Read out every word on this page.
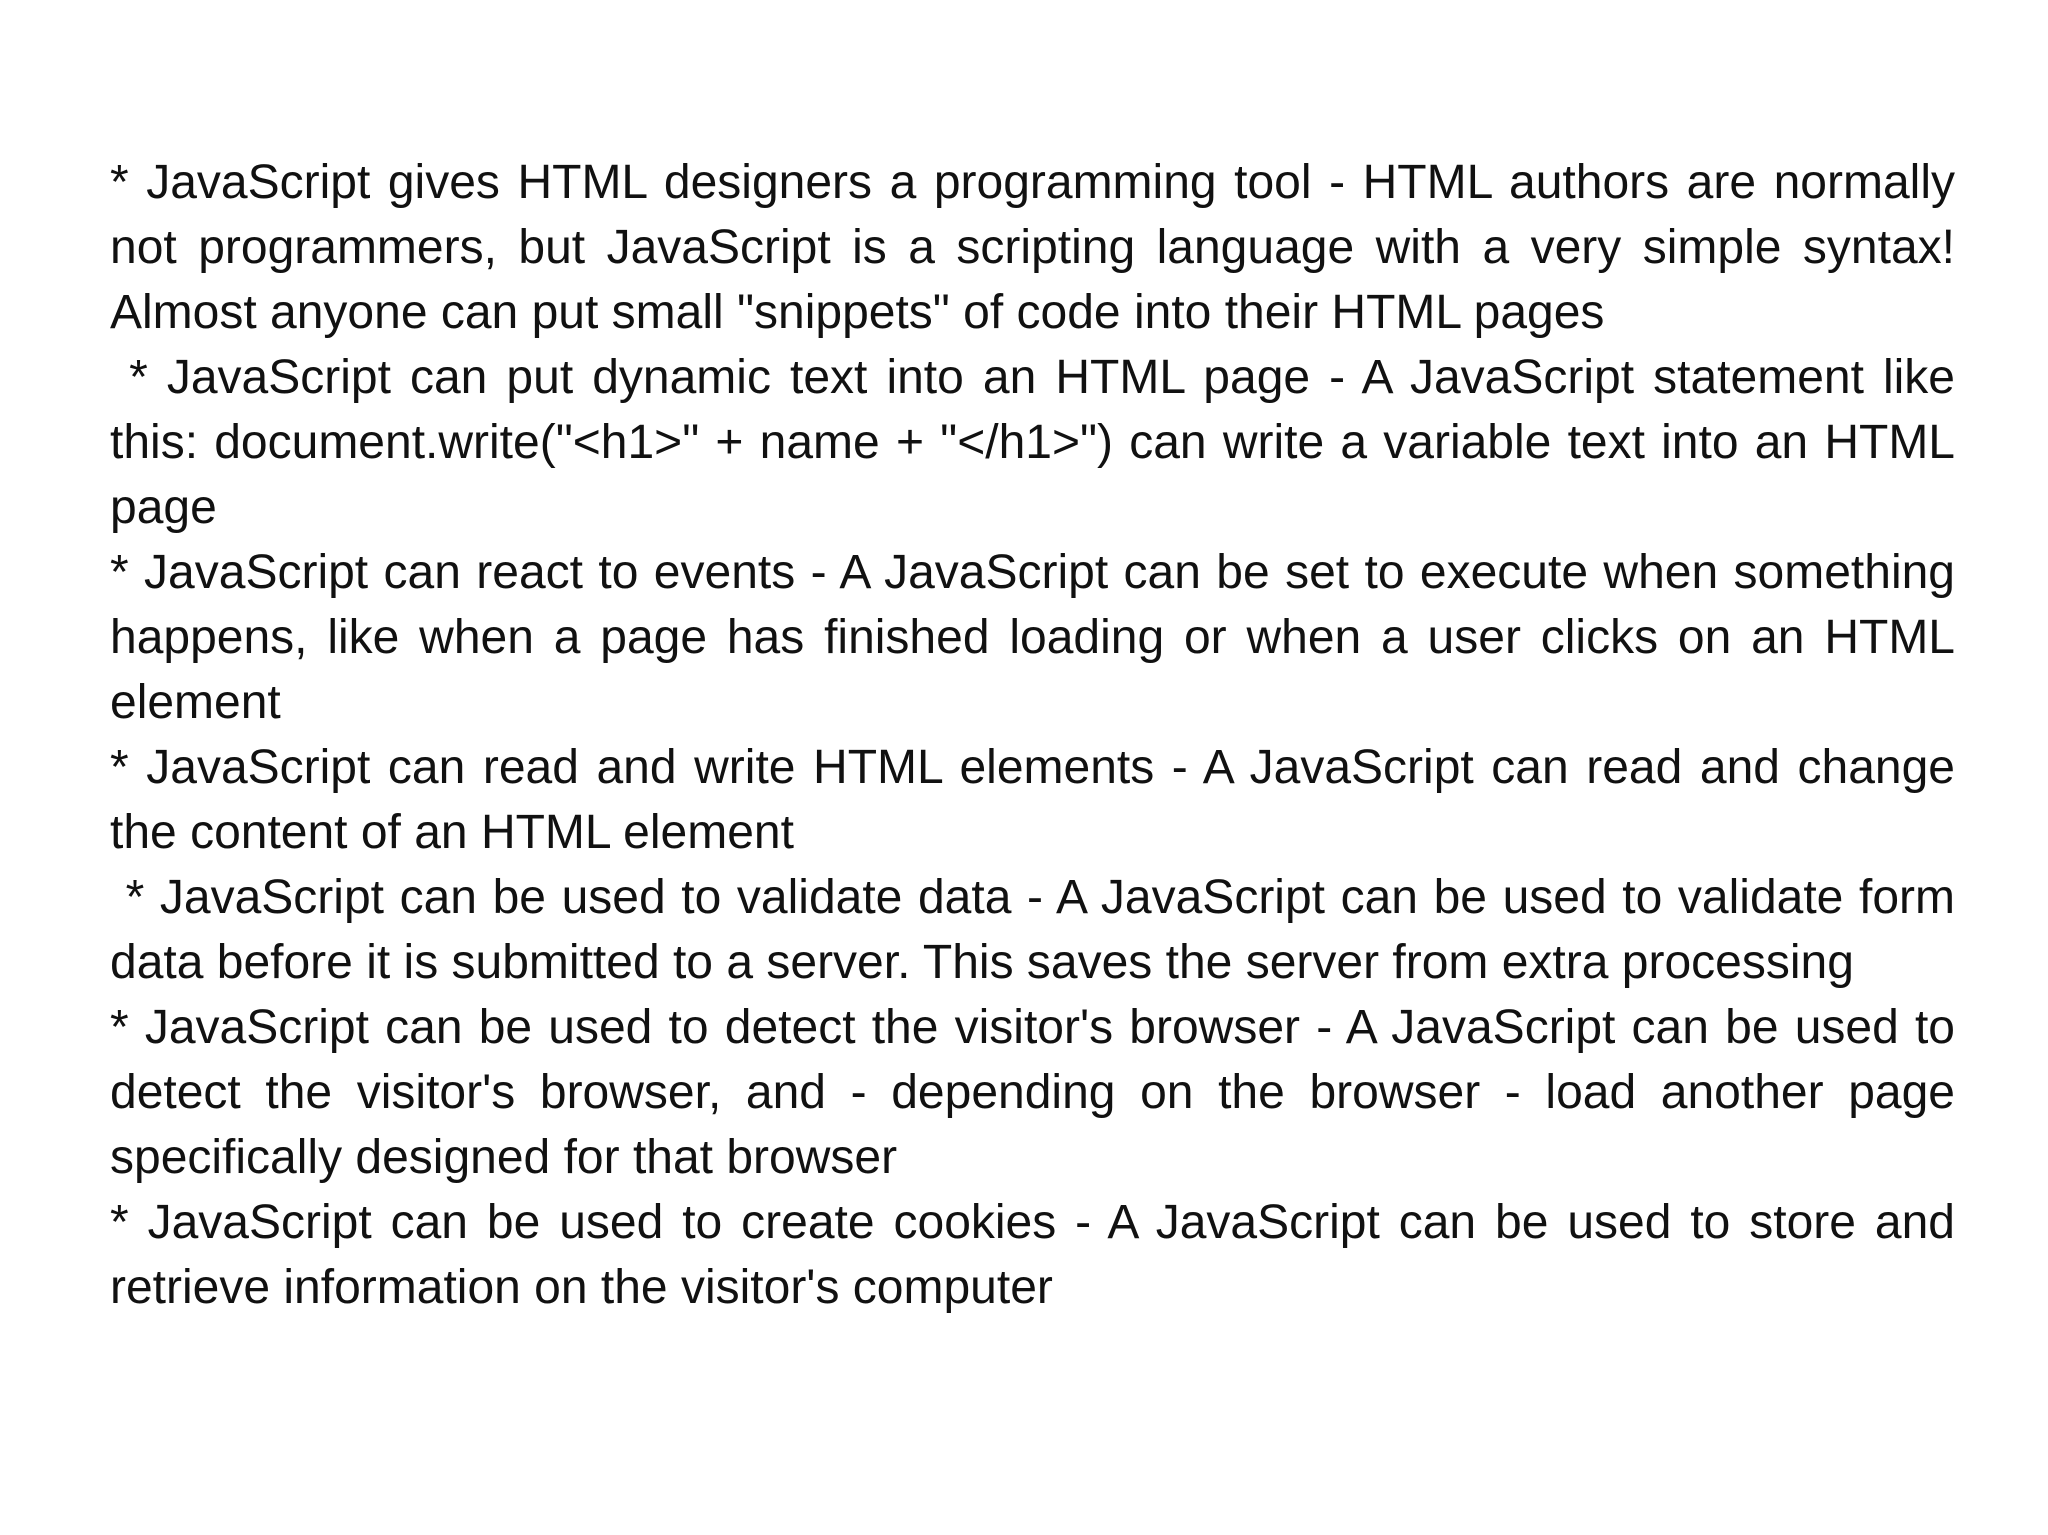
* JavaScript gives HTML designers a programming tool - HTML authors are normally not programmers, but JavaScript is a scripting language with a very simple syntax! Almost anyone can put small "snippets" of code into their HTML pages

* JavaScript can put dynamic text into an HTML page - A JavaScript statement like this: document.write("<h1>" + name + "</h1>") can write a variable text into an HTML page

* JavaScript can react to events - A JavaScript can be set to execute when something happens, like when a page has finished loading or when a user clicks on an HTML element

* JavaScript can read and write HTML elements - A JavaScript can read and change the content of an HTML element

* JavaScript can be used to validate data - A JavaScript can be used to validate form data before it is submitted to a server. This saves the server from extra processing

* JavaScript can be used to detect the visitor's browser - A JavaScript can be used to detect the visitor's browser, and - depending on the browser - load another page specifically designed for that browser

* JavaScript can be used to create cookies - A JavaScript can be used to store and retrieve information on the visitor's computer
